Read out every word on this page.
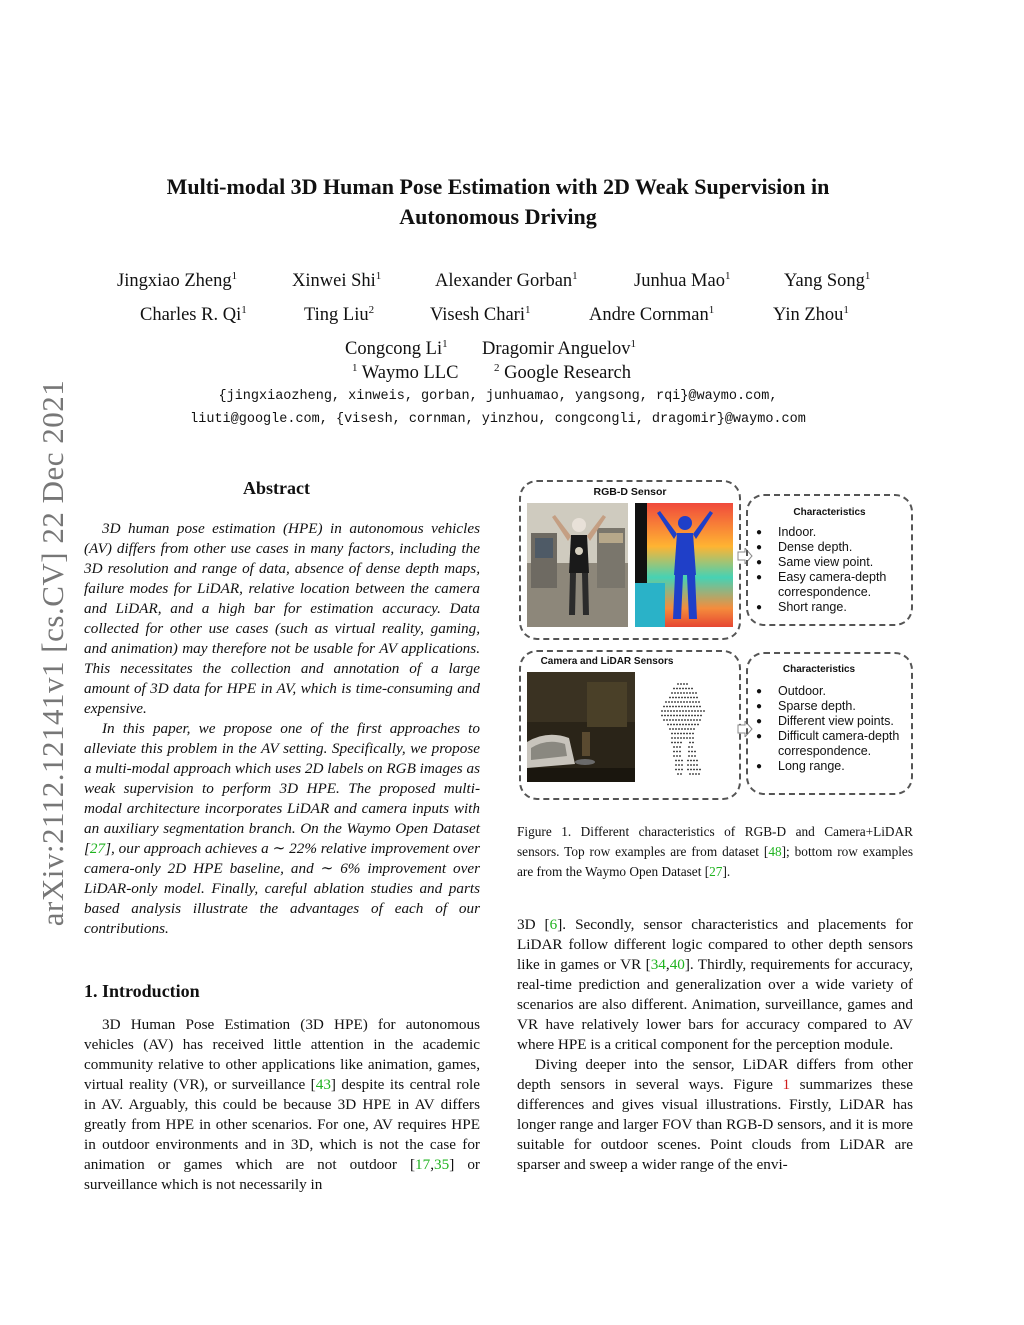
arXiv:2112.12141v1 [cs.CV] 22 Dec 2021
Multi-modal 3D Human Pose Estimation with 2D Weak Supervision in
Autonomous Driving
Jingxiao Zheng$^1$	Xinwei Shi$^1$	Alexander Gorban$^1$	Junhua Mao$^1$	Yang Song$^1$
Charles R. Qi$^1$	Ting Liu$^2$	Visesh Chari$^1$	Andre Cornman$^1$	Yin Zhou$^1$
Congcong Li$^1$ Dragomir Anguelov$^1$
$^1$ Waymo LLC	$^2$ Google Research
{jingxiaozheng, xinweis, gorban, junhuamao, yangsong, rqi}@waymo.com,
liuti@google.com, {visesh, cornman, yinzhou, congcongli, dragomir}@waymo.com
Abstract

3D human pose estimation (HPE) in autonomous vehicles (AV) differs from other use cases in many factors, including the 3D resolution and range of data, absence of dense depth maps, failure modes for LiDAR, relative location between the camera and LiDAR, and a high bar for estimation accuracy. Data collected for other use cases (such as virtual reality, gaming, and animation) may therefore not be usable for AV applications. This necessitates the collection and annotation of a large amount of 3D data for HPE in AV, which is time-consuming and expensive.

In this paper, we propose one of the first approaches to alleviate this problem in the AV setting. Specifically, we propose a multi-modal approach which uses 2D labels on RGB images as weak supervision to perform 3D HPE. The proposed multi-modal architecture incorporates LiDAR and camera inputs with an auxiliary segmentation branch. On the Waymo Open Dataset [27], our approach achieves a ∼ 22% relative improvement over camera-only 2D HPE baseline, and ∼ 6% improvement over LiDAR-only model. Finally, careful ablation studies and parts based analysis illustrate the advantages of each of our contributions.

1. Introduction

3D Human Pose Estimation (3D HPE) for autonomous vehicles (AV) has received little attention in the academic community relative to other applications like animation, games, virtual reality (VR), or surveillance [43] despite its central role in AV. Arguably, this could be because 3D HPE in AV differs greatly from HPE in other scenarios. For one, AV requires HPE in outdoor environments and in 3D, which is not the case for animation or games which are not outdoor [17,35] or surveillance which is not necessarily in

3D [6]. Secondly, sensor characteristics and placements for LiDAR follow different logic compared to other depth sensors like in games or VR [34,40]. Thirdly, requirements for accuracy, real-time prediction and generalization over a wide variety of scenarios are also different. Animation, surveillance, games and VR have relatively lower bars for accuracy compared to AV where HPE is a critical component for the perception module.

Diving deeper into the sensor, LiDAR differs from other depth sensors in several ways. Figure 1 summarizes these differences and gives visual illustrations. Firstly, LiDAR has longer range and larger FOV than RGB-D sensors, and it is more suitable for outdoor scenes. Point clouds from LiDAR are sparser and sweep a wider range of the envi-

RGB-D Sensor
Characteristics
● Indoor.
● Dense depth.
● Same view point.
● Easy camera-depth correspondence.
● Short range.
Camera and LiDAR Sensors
Characteristics
● Outdoor.
● Sparse depth.
● Different view points.
● Difficult camera-depth correspondence.
● Long range.
Figure 1. Different characteristics of RGB-D and Camera+LiDAR sensors. Top row examples are from dataset [48]; bottom row examples are from the Waymo Open Dataset [27].
